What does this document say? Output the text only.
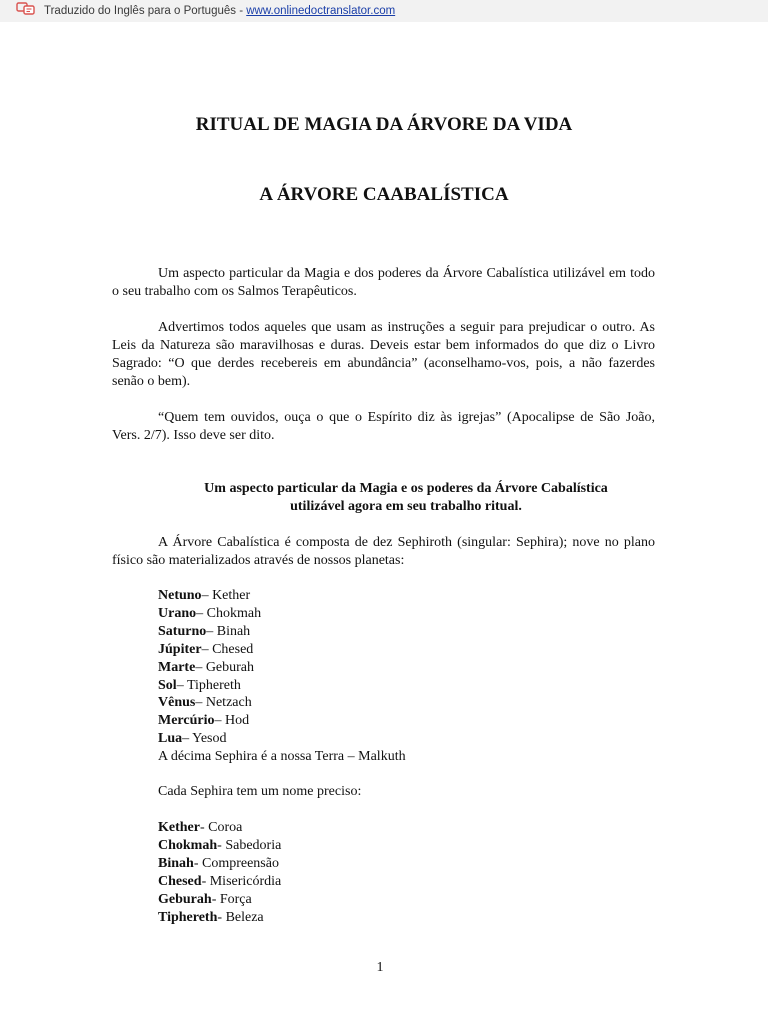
Traduzido do Inglês para o Português - www.onlinedoctranslator.com
RITUAL DE MAGIA DA ÁRVORE DA VIDA
A ÁRVORE CAABALÍSTICA
Um aspecto particular da Magia e dos poderes da Árvore Cabalística utilizável em todo o seu trabalho com os Salmos Terapêuticos.
Advertimos todos aqueles que usam as instruções a seguir para prejudicar o outro. As Leis da Natureza são maravilhosas e duras. Deveis estar bem informados do que diz o Livro Sagrado: “O que derdes recebereis em abundância” (aconselhamo-vos, pois, a não fazerdes senão o bem).
“Quem tem ouvidos, ouça o que o Espírito diz às igrejas” (Apocalipse de São João, Vers. 2/7). Isso deve ser dito.
Um aspecto particular da Magia e os poderes da Árvore Cabalística
utilizável agora em seu trabalho ritual.
A Árvore Cabalística é composta de dez Sephiroth (singular: Sephira); nove no plano físico são materializados através de nossos planetas:
Netuno– Kether
Urano– Chokmah
Saturno– Binah
Júpiter– Chesed
Marte– Geburah
Sol– Tiphereth
Vênus– Netzach
Mercúrio– Hod
Lua– Yesod
A décima Sephira é a nossa Terra – Malkuth
Cada Sephira tem um nome preciso:
Kether- Coroa
Chokmah- Sabedoria
Binah- Compreensão
Chesed- Misericórdia
Geburah- Força
Tiphereth- Beleza
1
